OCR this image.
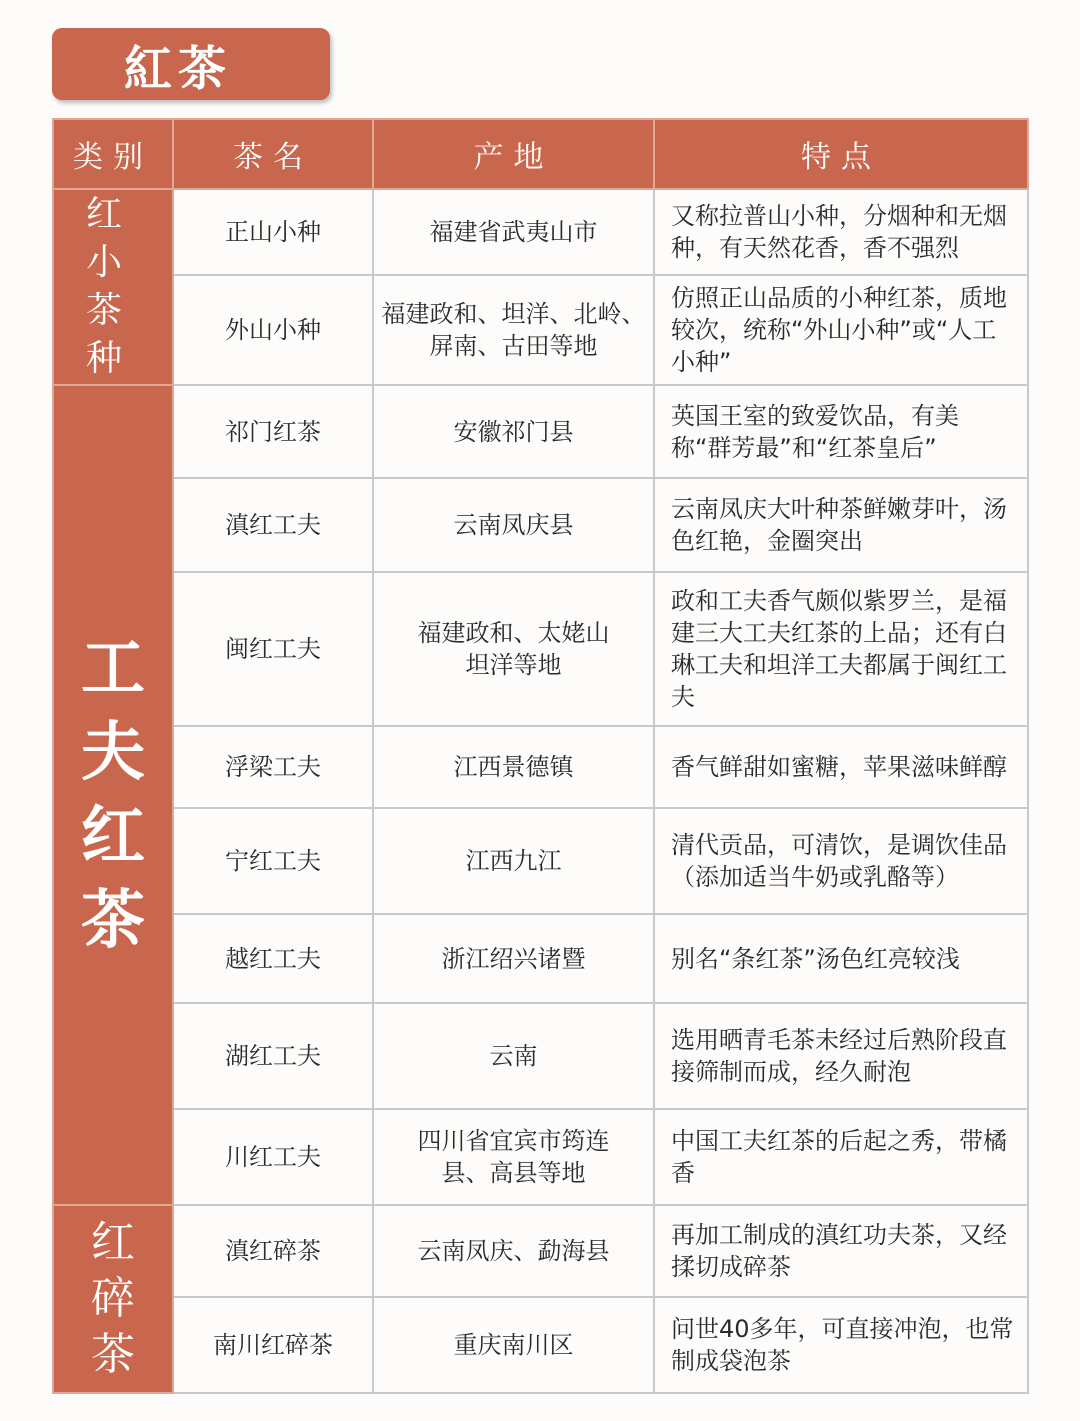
紅茶
类别	茶名	产地	特点

红 小
茶 种	正山小种	福建省武夷山市	又称拉普山小种，分烟种和无烟种，有天然花香，香不强烈
	外山小种	福建政和、坦洋、北岭、屏南、古田等地	仿照正山品质的小种红茶，质地较次，统称“外山小种”或“人工小种”

工
夫
红
茶	祁门红茶	安徽祁门县	英国王室的致爱饮品，有美称“群芳最”和“红茶皇后”
	滇红工夫	云南凤庆县	云南凤庆大叶种茶鲜嫩芽叶，汤色红艳，金圈突出
	闽红工夫	福建政和、太姥山坦洋等地	政和工夫香气颇似紫罗兰，是福建三大工夫红茶的上品；还有白琳工夫和坦洋工夫都属于闽红工夫
	浮梁工夫	江西景德镇	香气鲜甜如蜜糖，苹果滋味鲜醇
	宁红工夫	江西九江	清代贡品，可清饮，是调饮佳品（添加适当牛奶或乳酪等）
	越红工夫	浙江绍兴诸暨	别名“条红茶”汤色红亮较浅
	湖红工夫	云南	选用晒青毛茶未经过后熟阶段直接筛制而成，经久耐泡
	川红工夫	四川省宜宾市筠连县、高县等地	中国工夫红茶的后起之秀，带橘香

红
碎
茶	滇红碎茶	云南凤庆、勐海县	再加工制成的滇红功夫茶，又经揉切成碎茶
	南川红碎茶	重庆南川区	问世40多年，可直接冲泡，也常制成袋泡茶
